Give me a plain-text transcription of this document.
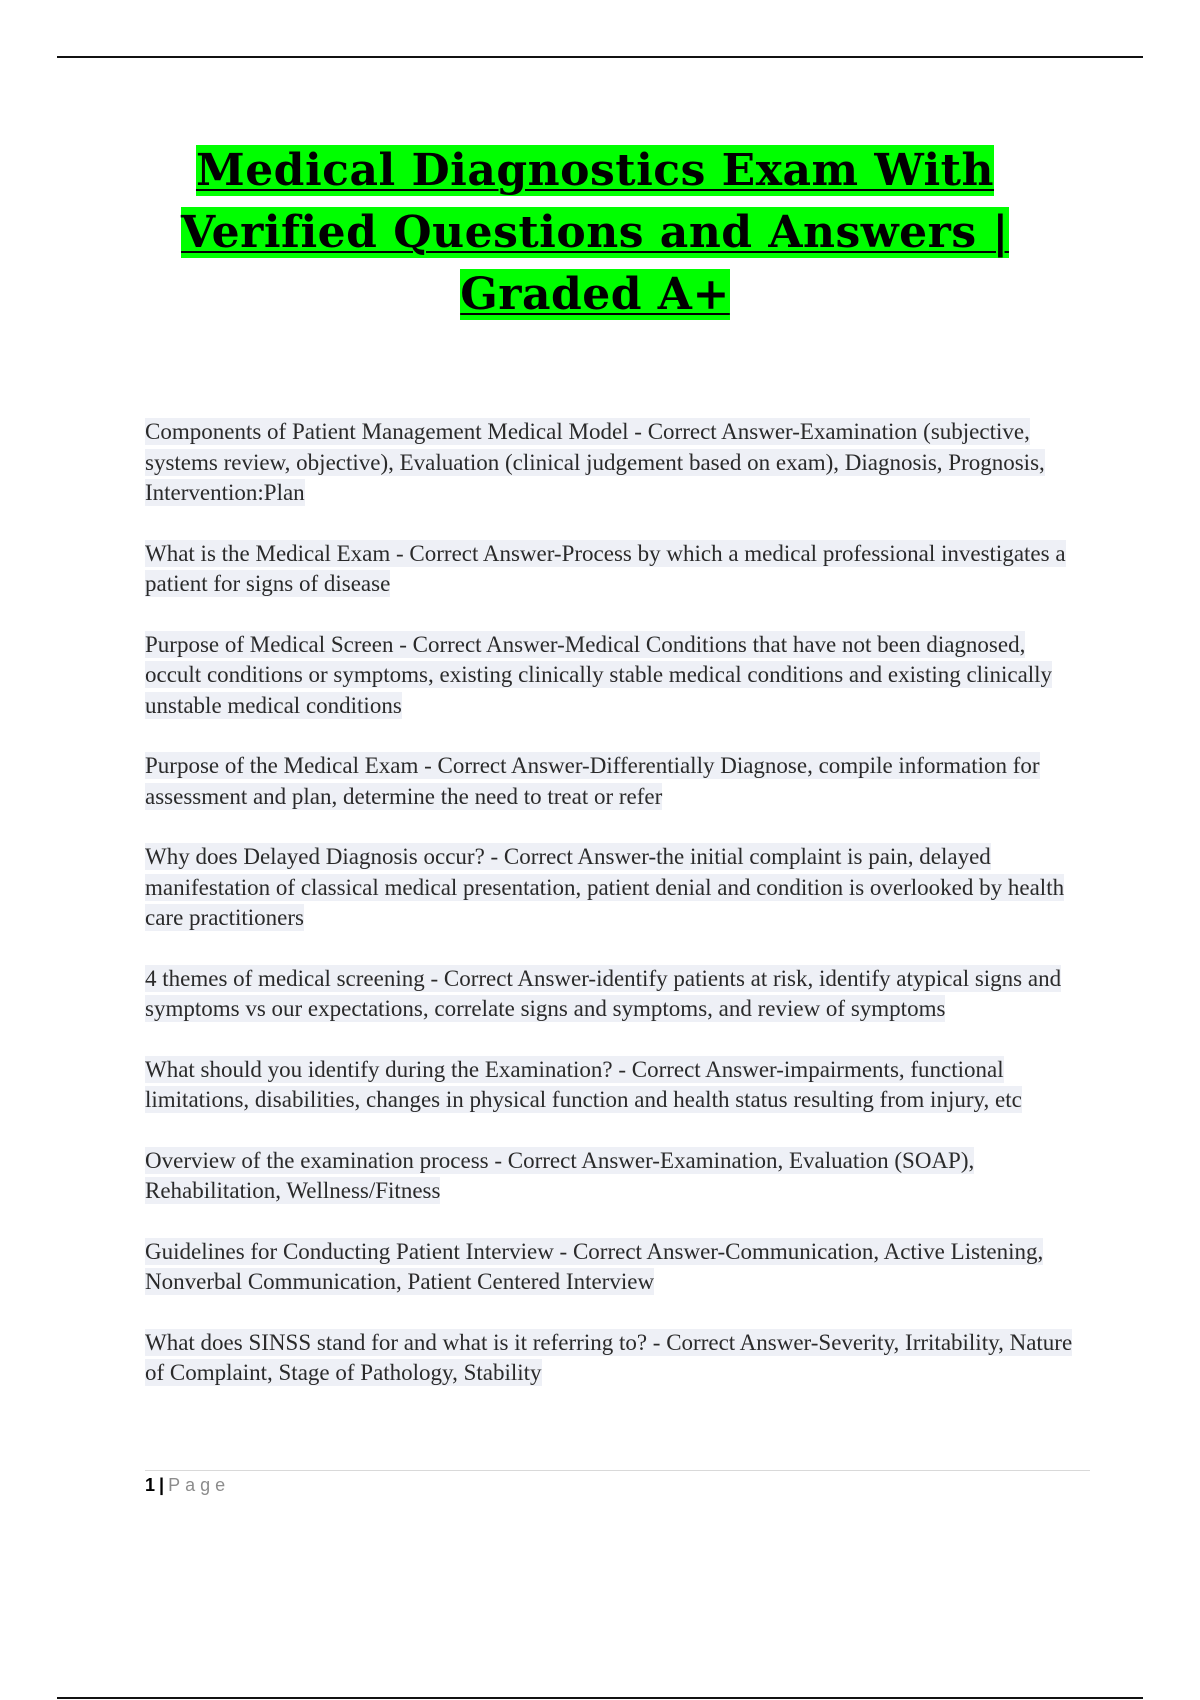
Medical Diagnostics Exam With Verified Questions and Answers | Graded A+

Components of Patient Management Medical Model - Correct Answer-Examination (subjective, systems review, objective), Evaluation (clinical judgement based on exam), Diagnosis, Prognosis, Intervention:Plan

What is the Medical Exam - Correct Answer-Process by which a medical professional investigates a patient for signs of disease

Purpose of Medical Screen - Correct Answer-Medical Conditions that have not been diagnosed, occult conditions or symptoms, existing clinically stable medical conditions and existing clinically unstable medical conditions

Purpose of the Medical Exam - Correct Answer-Differentially Diagnose, compile information for assessment and plan, determine the need to treat or refer

Why does Delayed Diagnosis occur? - Correct Answer-the initial complaint is pain, delayed manifestation of classical medical presentation, patient denial and condition is overlooked by health care practitioners

4 themes of medical screening - Correct Answer-identify patients at risk, identify atypical signs and symptoms vs our expectations, correlate signs and symptoms, and review of symptoms

What should you identify during the Examination? - Correct Answer-impairments, functional limitations, disabilities, changes in physical function and health status resulting from injury, etc

Overview of the examination process - Correct Answer-Examination, Evaluation (SOAP), Rehabilitation, Wellness/Fitness

Guidelines for Conducting Patient Interview - Correct Answer-Communication, Active Listening, Nonverbal Communication, Patient Centered Interview

What does SINSS stand for and what is it referring to? - Correct Answer-Severity, Irritability, Nature of Complaint, Stage of Pathology, Stability

1 | Page
